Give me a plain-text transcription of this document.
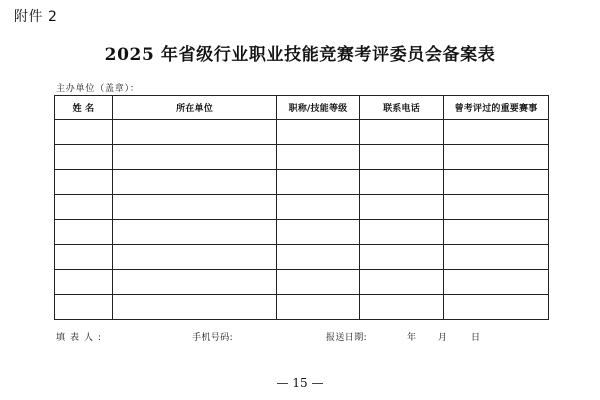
附件 2
2025 年省级行业职业技能竞赛考评委员会备案表
主办单位（盖章）：
姓 名	所在单位	职称/技能等级	联系电话	曾考评过的重要赛事

填表人:	手机号码:	报送日期:	年 月	日
— 15 —
